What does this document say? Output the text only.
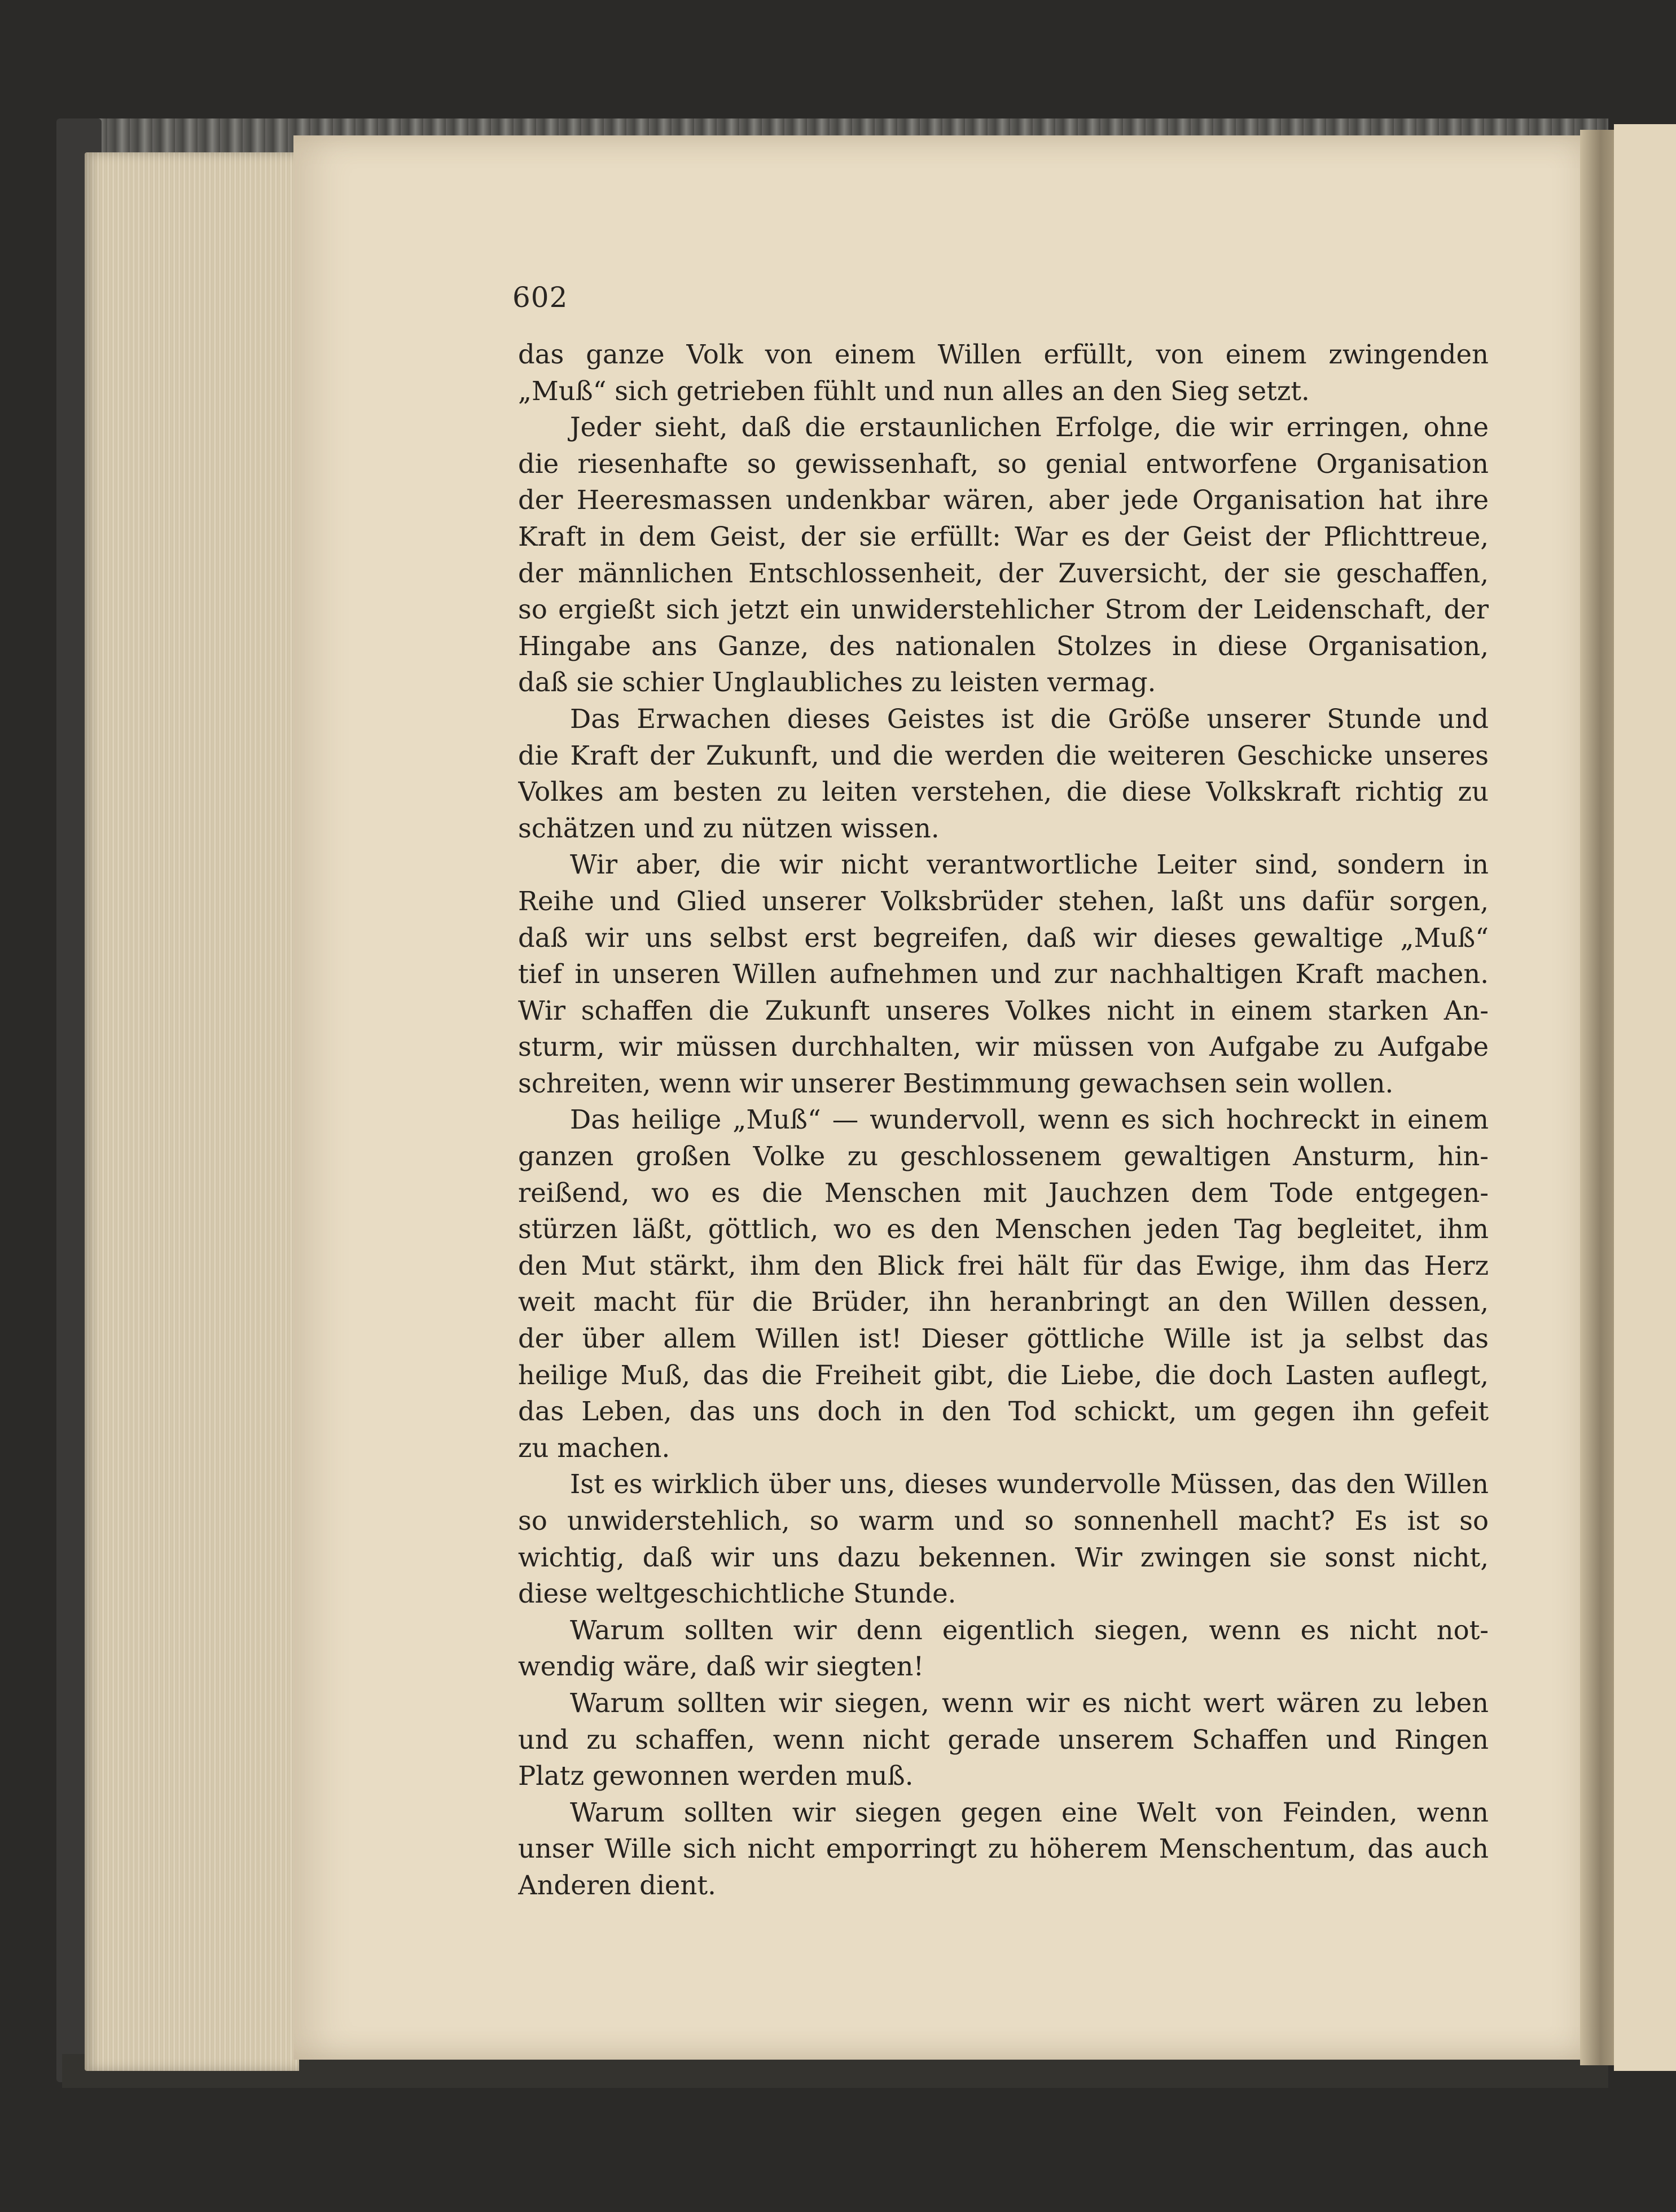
602
das ganze Volk von einem Willen erfüllt, von einem zwingenden
„Muß“ sich getrieben fühlt und nun alles an den Sieg setzt.
Jeder sieht, daß die erstaunlichen Erfolge, die wir erringen, ohne
die riesenhafte so gewissenhaft, so genial entworfene Organisation
der Heeresmassen undenkbar wären, aber jede Organisation hat ihre
Kraft in dem Geist, der sie erfüllt: War es der Geist der Pflichttreue,
der männlichen Entschlossenheit, der Zuversicht, der sie geschaffen,
so ergießt sich jetzt ein unwiderstehlicher Strom der Leidenschaft, der
Hingabe ans Ganze, des nationalen Stolzes in diese Organisation,
daß sie schier Unglaubliches zu leisten vermag.
Das Erwachen dieses Geistes ist die Größe unserer Stunde und
die Kraft der Zukunft, und die werden die weiteren Geschicke unseres
Volkes am besten zu leiten verstehen, die diese Volkskraft richtig zu
schätzen und zu nützen wissen.
Wir aber, die wir nicht verantwortliche Leiter sind, sondern in
Reihe und Glied unserer Volksbrüder stehen, laßt uns dafür sorgen,
daß wir uns selbst erst begreifen, daß wir dieses gewaltige „Muß“
tief in unseren Willen aufnehmen und zur nachhaltigen Kraft machen.
Wir schaffen die Zukunft unseres Volkes nicht in einem starken An-
sturm, wir müssen durchhalten, wir müssen von Aufgabe zu Aufgabe
schreiten, wenn wir unserer Bestimmung gewachsen sein wollen.
Das heilige „Muß“ — wundervoll, wenn es sich hochreckt in einem
ganzen großen Volke zu geschlossenem gewaltigen Ansturm, hin-
reißend, wo es die Menschen mit Jauchzen dem Tode entgegen-
stürzen läßt, göttlich, wo es den Menschen jeden Tag begleitet, ihm
den Mut stärkt, ihm den Blick frei hält für das Ewige, ihm das Herz
weit macht für die Brüder, ihn heranbringt an den Willen dessen,
der über allem Willen ist! Dieser göttliche Wille ist ja selbst das
heilige Muß, das die Freiheit gibt, die Liebe, die doch Lasten auflegt,
das Leben, das uns doch in den Tod schickt, um gegen ihn gefeit
zu machen.
Ist es wirklich über uns, dieses wundervolle Müssen, das den Willen
so unwiderstehlich, so warm und so sonnenhell macht? Es ist so
wichtig, daß wir uns dazu bekennen. Wir zwingen sie sonst nicht,
diese weltgeschichtliche Stunde.
Warum sollten wir denn eigentlich siegen, wenn es nicht not-
wendig wäre, daß wir siegten!
Warum sollten wir siegen, wenn wir es nicht wert wären zu leben
und zu schaffen, wenn nicht gerade unserem Schaffen und Ringen
Platz gewonnen werden muß.
Warum sollten wir siegen gegen eine Welt von Feinden, wenn
unser Wille sich nicht emporringt zu höherem Menschentum, das auch
Anderen dient.
